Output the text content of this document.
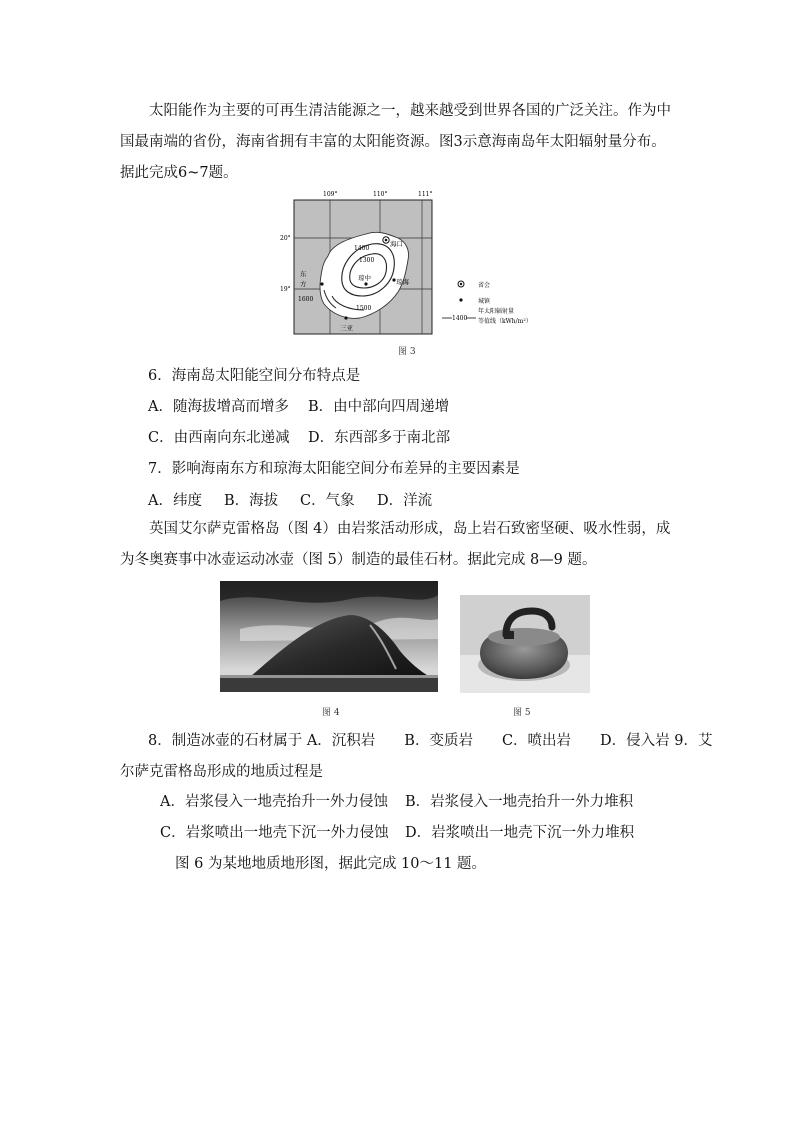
太阳能作为主要的可再生清洁能源之一，越来越受到世界各国的广泛关注。作为中国最南端的省份，海南省拥有丰富的太阳能资源。图3示意海南岛年太阳辐射量分布。据此完成6~7题。
109°	110°	111°
20°
19°
1400
1300
1500
1600
海口
琼中	琼海
东
方
三亚
省会
城镇
1400
年太阳辐射量
等值线（kWh/m²）
图 3
6．海南岛太阳能空间分布特点是
A．随海拔增高而增多 B．由中部向四周递增
C．由西南向东北递减 D．东西部多于南北部
7．影响海南东方和琼海太阳能空间分布差异的主要因素是
A．纬度 B．海拔 C．气象 D．洋流
英国艾尔萨克雷格岛（图 4）由岩浆活动形成，岛上岩石致密坚硬、吸水性弱，成为冬奥赛事中冰壶运动冰壶（图 5）制造的最佳石材。据此完成 8—9 题。
图 4	图 5
8．制造冰壶的石材属于 A．沉积岩　　B．变质岩　　C．喷出岩　　D．侵入岩 9．艾
尔萨克雷格岛形成的地质过程是
A．岩浆侵入一地壳抬升一外力侵蚀 B．岩浆侵入一地壳抬升一外力堆积
C．岩浆喷出一地壳下沉一外力侵蚀 D．岩浆喷出一地壳下沉一外力堆积
图 6 为某地地质地形图，据此完成 10～11 题。
